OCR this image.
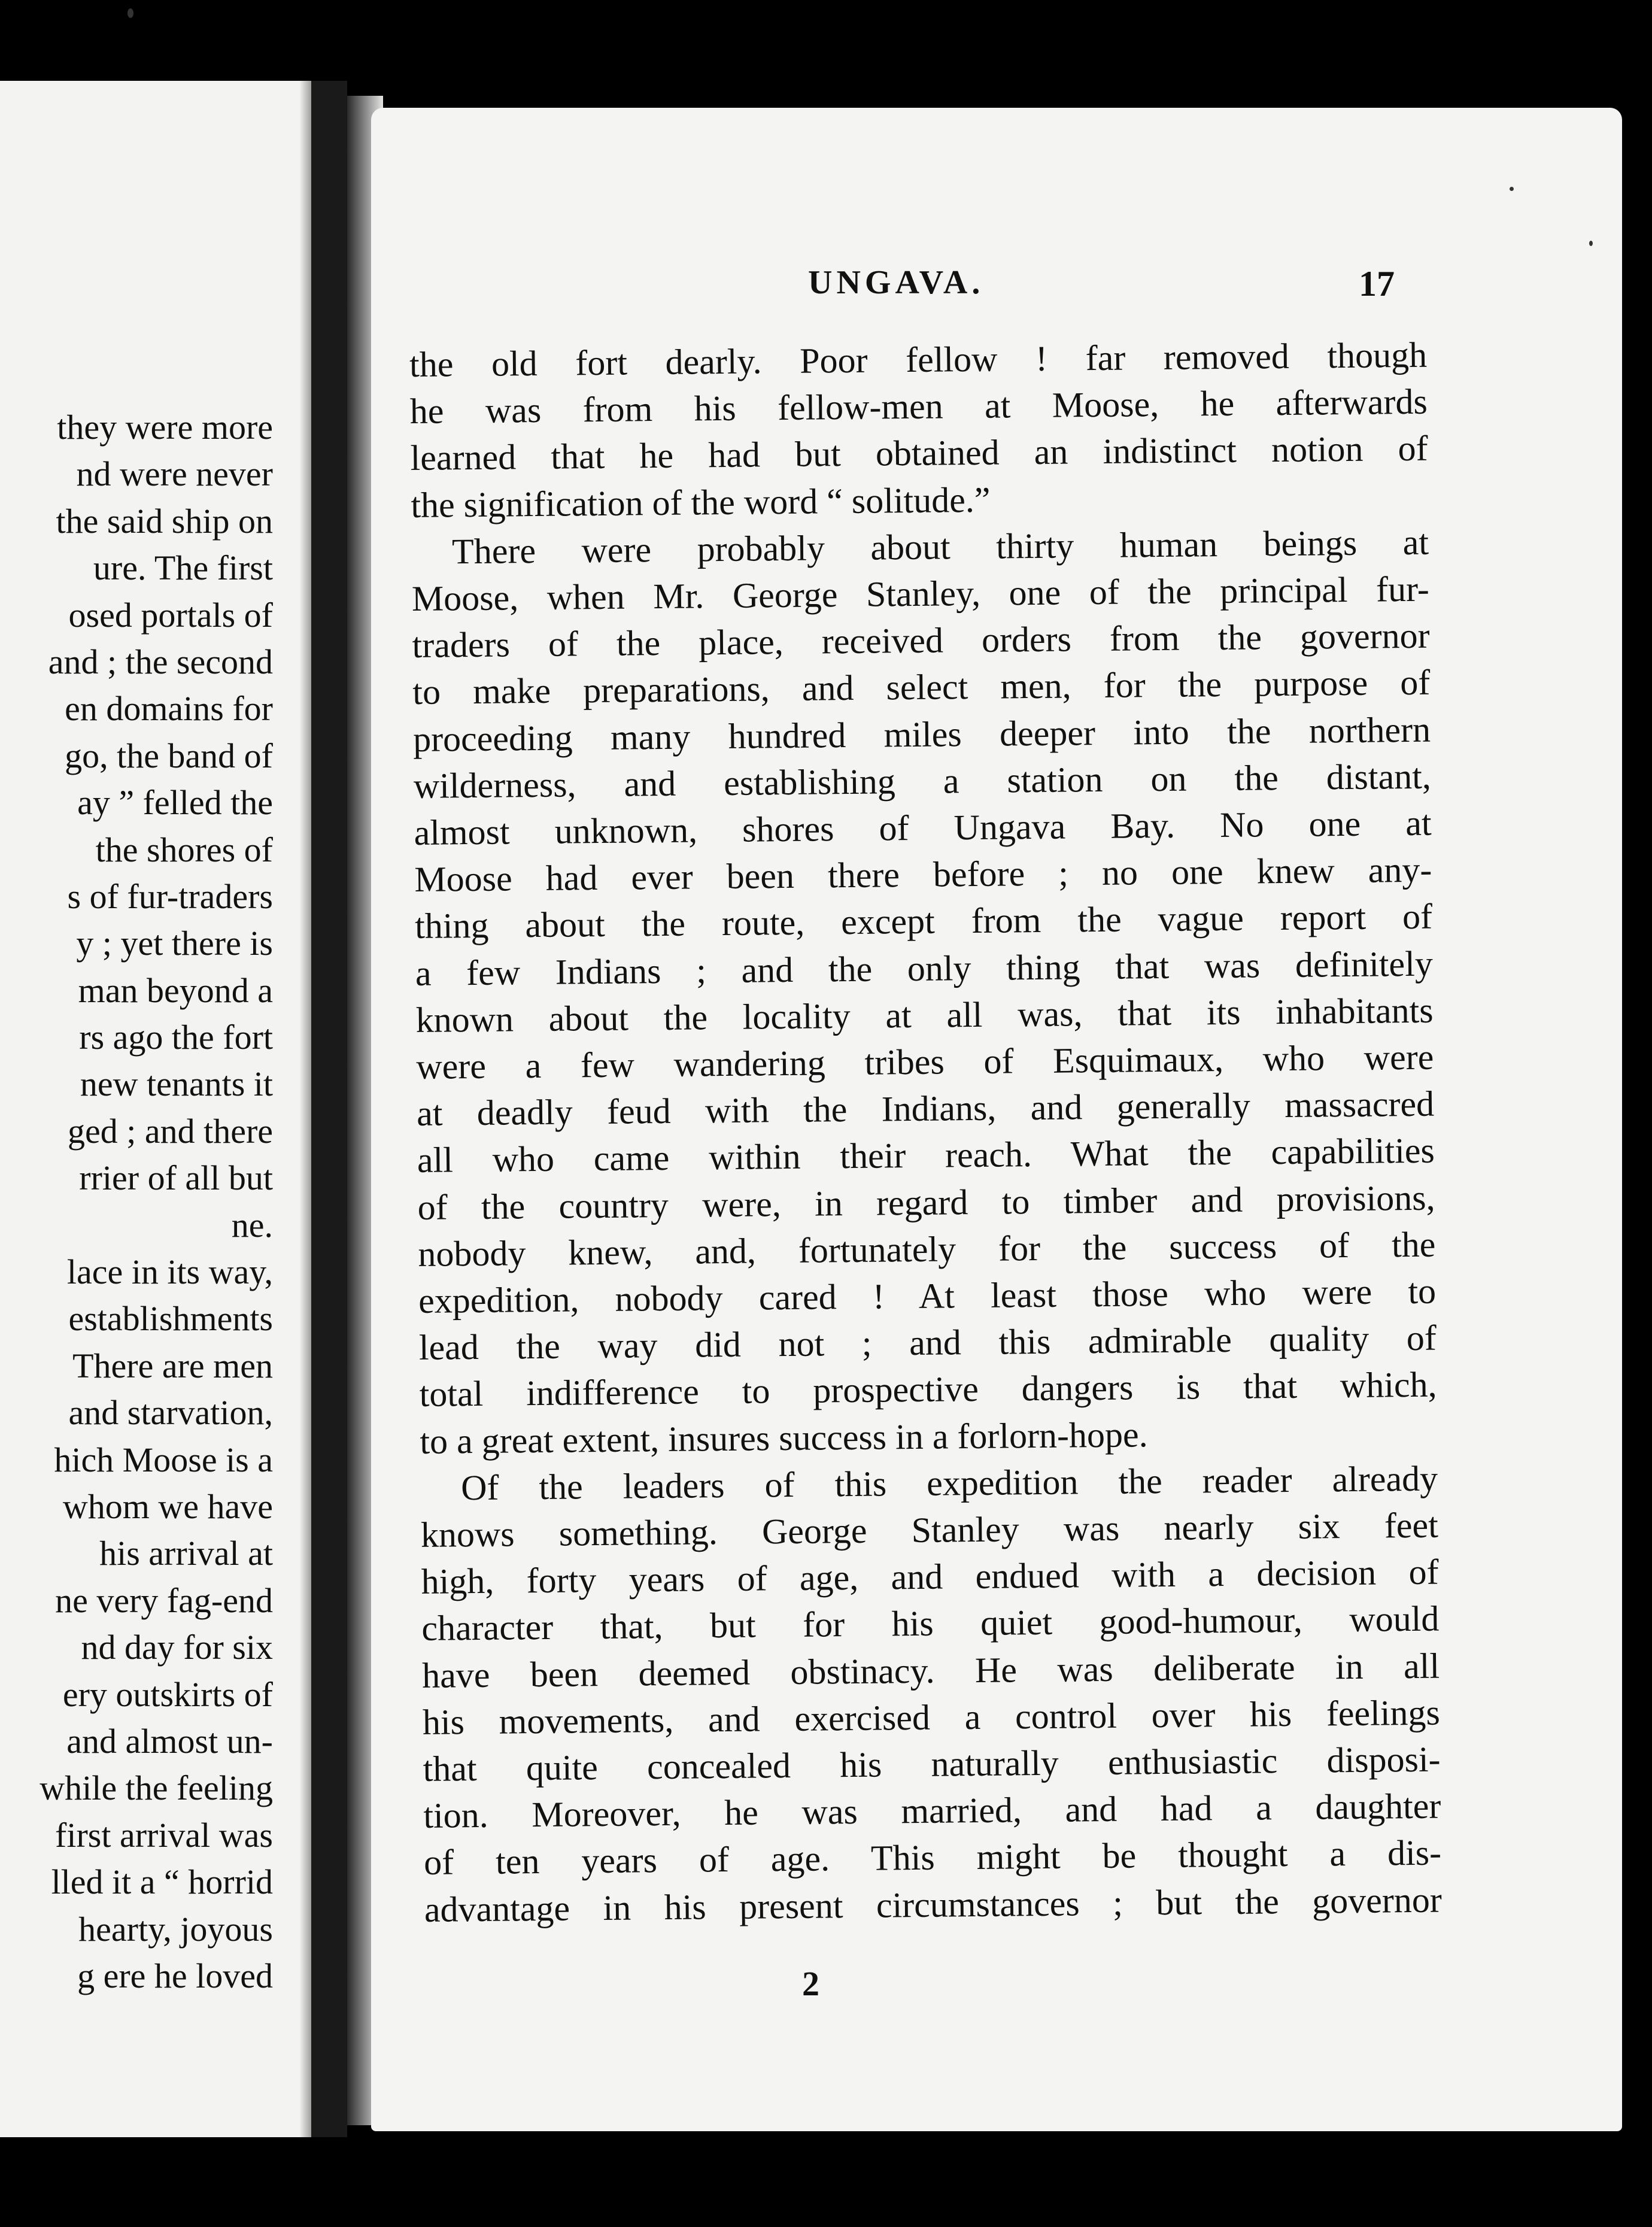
they were more
nd were never
the said ship on
ure. The first
osed portals of
and ; the second
en domains for
go, the band of
ay ” felled the
the shores of
s of fur-traders
y ; yet there is
man beyond a
rs ago the fort
new tenants it
ged ; and there
rrier of all but
ne.
lace in its way,
establishments
There are men
and starvation,
hich Moose is a
whom we have
his arrival at
ne very fag-end
nd day for six
ery outskirts of
and almost un-
while the feeling
first arrival was
lled it a “ horrid
hearty, joyous
g ere he loved
UNGAVA.	17
the old fort dearly. Poor fellow ! far removed though
he was from his fellow-men at Moose, he afterwards
learned that he had but obtained an indistinct notion of
the signification of the word “ solitude.”
There were probably about thirty human beings at
Moose, when Mr. George Stanley, one of the principal fur-
traders of the place, received orders from the governor
to make preparations, and select men, for the purpose of
proceeding many hundred miles deeper into the northern
wilderness, and establishing a station on the distant,
almost unknown, shores of Ungava Bay. No one at
Moose had ever been there before ; no one knew any-
thing about the route, except from the vague report of
a few Indians ; and the only thing that was definitely
known about the locality at all was, that its inhabitants
were a few wandering tribes of Esquimaux, who were
at deadly feud with the Indians, and generally massacred
all who came within their reach. What the capabilities
of the country were, in regard to timber and provisions,
nobody knew, and, fortunately for the success of the
expedition, nobody cared ! At least those who were to
lead the way did not ; and this admirable quality of
total indifference to prospective dangers is that which,
to a great extent, insures success in a forlorn-hope.
Of the leaders of this expedition the reader already
knows something. George Stanley was nearly six feet
high, forty years of age, and endued with a decision of
character that, but for his quiet good-humour, would
have been deemed obstinacy. He was deliberate in all
his movements, and exercised a control over his feelings
that quite concealed his naturally enthusiastic disposi-
tion. Moreover, he was married, and had a daughter
of ten years of age. This might be thought a dis-
advantage in his present circumstances ; but the governor
2
